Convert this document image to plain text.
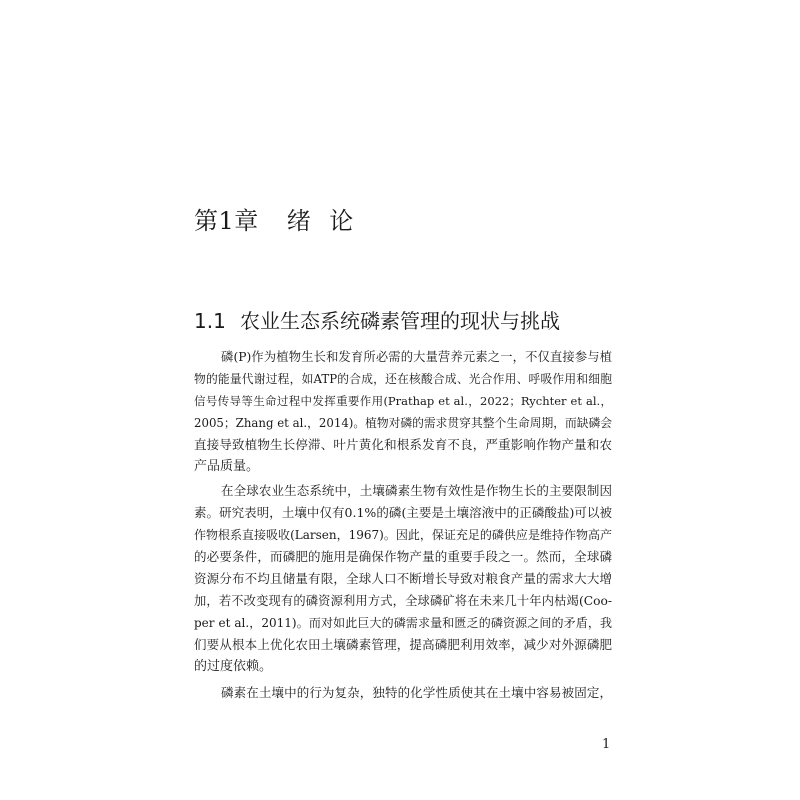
第1章 绪 论
1.1 农业生态系统磷素管理的现状与挑战
磷(P)作为植物生长和发育所必需的大量营养元素之一，不仅直接参与植
物的能量代谢过程，如ATP的合成，还在核酸合成、光合作用、呼吸作用和细胞
信号传导等生命过程中发挥重要作用(Prathap et al.，2022；Rychter et al.，
2005；Zhang et al.，2014)。植物对磷的需求贯穿其整个生命周期，而缺磷会
直接导致植物生长停滞、叶片黄化和根系发育不良，严重影响作物产量和农
产品质量。
在全球农业生态系统中，土壤磷素生物有效性是作物生长的主要限制因
素。研究表明，土壤中仅有0.1%的磷(主要是土壤溶液中的正磷酸盐)可以被
作物根系直接吸收(Larsen，1967)。因此，保证充足的磷供应是维持作物高产
的必要条件，而磷肥的施用是确保作物产量的重要手段之一。然而，全球磷
资源分布不均且储量有限，全球人口不断增长导致对粮食产量的需求大大增
加，若不改变现有的磷资源利用方式，全球磷矿将在未来几十年内枯竭(Coo-
per et al.，2011)。而对如此巨大的磷需求量和匮乏的磷资源之间的矛盾，我
们要从根本上优化农田土壤磷素管理，提高磷肥利用效率，减少对外源磷肥
的过度依赖。
磷素在土壤中的行为复杂，独特的化学性质使其在土壤中容易被固定，
1
